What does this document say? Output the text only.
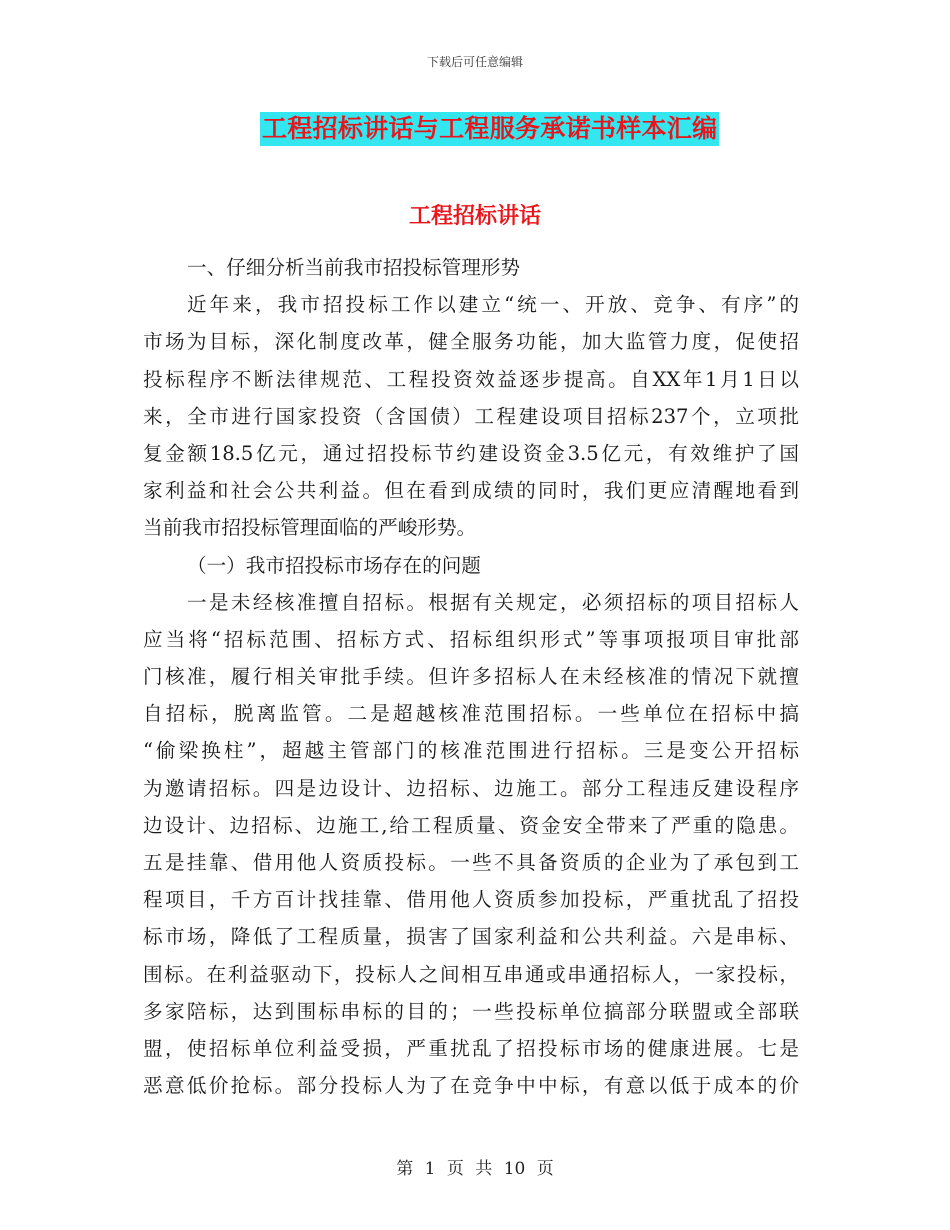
下载后可任意编辑
工程招标讲话与工程服务承诺书样本汇编
工程招标讲话
一、仔细分析当前我市招投标管理形势
近年来，我市招投标工作以建立“统一、开放、竞争、有序”的
市场为目标，深化制度改革，健全服务功能，加大监管力度，促使招
投标程序不断法律规范、工程投资效益逐步提高。自XX年1月1日以
来，全市进行国家投资（含国债）工程建设项目招标237个，立项批
复金额18.5亿元，通过招投标节约建设资金3.5亿元，有效维护了国
家利益和社会公共利益。但在看到成绩的同时，我们更应清醒地看到
当前我市招投标管理面临的严峻形势。
（一）我市招投标市场存在的问题
一是未经核准擅自招标。根据有关规定，必须招标的项目招标人
应当将“招标范围、招标方式、招标组织形式”等事项报项目审批部
门核准，履行相关审批手续。但许多招标人在未经核准的情况下就擅
自招标，脱离监管。二是超越核准范围招标。一些单位在招标中搞
“偷梁换柱”，超越主管部门的核准范围进行招标。三是变公开招标
为邀请招标。四是边设计、边招标、边施工。部分工程违反建设程序
边设计、边招标、边施工,给工程质量、资金安全带来了严重的隐患。
五是挂靠、借用他人资质投标。一些不具备资质的企业为了承包到工
程项目，千方百计找挂靠、借用他人资质参加投标，严重扰乱了招投
标市场，降低了工程质量，损害了国家利益和公共利益。六是串标、
围标。在利益驱动下，投标人之间相互串通或串通招标人，一家投标，
多家陪标，达到围标串标的目的；一些投标单位搞部分联盟或全部联
盟，使招标单位利益受损，严重扰乱了招投标市场的健康进展。七是
恶意低价抢标。部分投标人为了在竞争中中标，有意以低于成本的价
第 1 页 共 10 页
